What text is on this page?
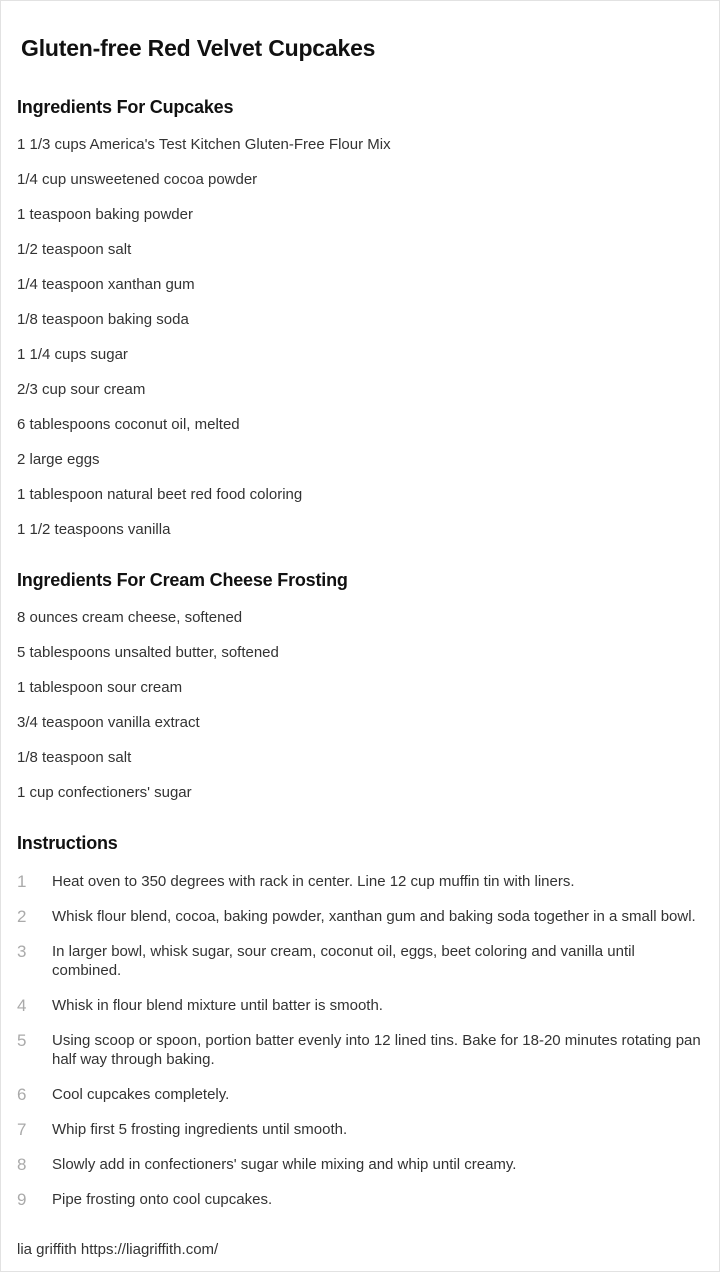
Gluten-free Red Velvet Cupcakes
Ingredients For Cupcakes
1 1/3 cups America's Test Kitchen Gluten-Free Flour Mix
1/4 cup unsweetened cocoa powder
1 teaspoon baking powder
1/2 teaspoon salt
1/4 teaspoon xanthan gum
1/8 teaspoon baking soda
1 1/4 cups sugar
2/3 cup sour cream
6 tablespoons coconut oil, melted
2 large eggs
1 tablespoon natural beet red food coloring
1 1/2 teaspoons vanilla
Ingredients For Cream Cheese Frosting
8 ounces cream cheese, softened
5 tablespoons unsalted butter, softened
1 tablespoon sour cream
3/4 teaspoon vanilla extract
1/8 teaspoon salt
1 cup confectioners' sugar
Instructions
1	Heat oven to 350 degrees with rack in center. Line 12 cup muffin tin with liners.
2	Whisk flour blend, cocoa, baking powder, xanthan gum and baking soda together in a small bowl.
3	In larger bowl, whisk sugar, sour cream, coconut oil, eggs, beet coloring and vanilla until combined.
4	Whisk in flour blend mixture until batter is smooth.
5	Using scoop or spoon, portion batter evenly into 12 lined tins. Bake for 18-20 minutes rotating pan half way through baking.
6	Cool cupcakes completely.
7	Whip first 5 frosting ingredients until smooth.
8	Slowly add in confectioners' sugar while mixing and whip until creamy.
9	Pipe frosting onto cool cupcakes.
lia griffith https://liagriffith.com/
